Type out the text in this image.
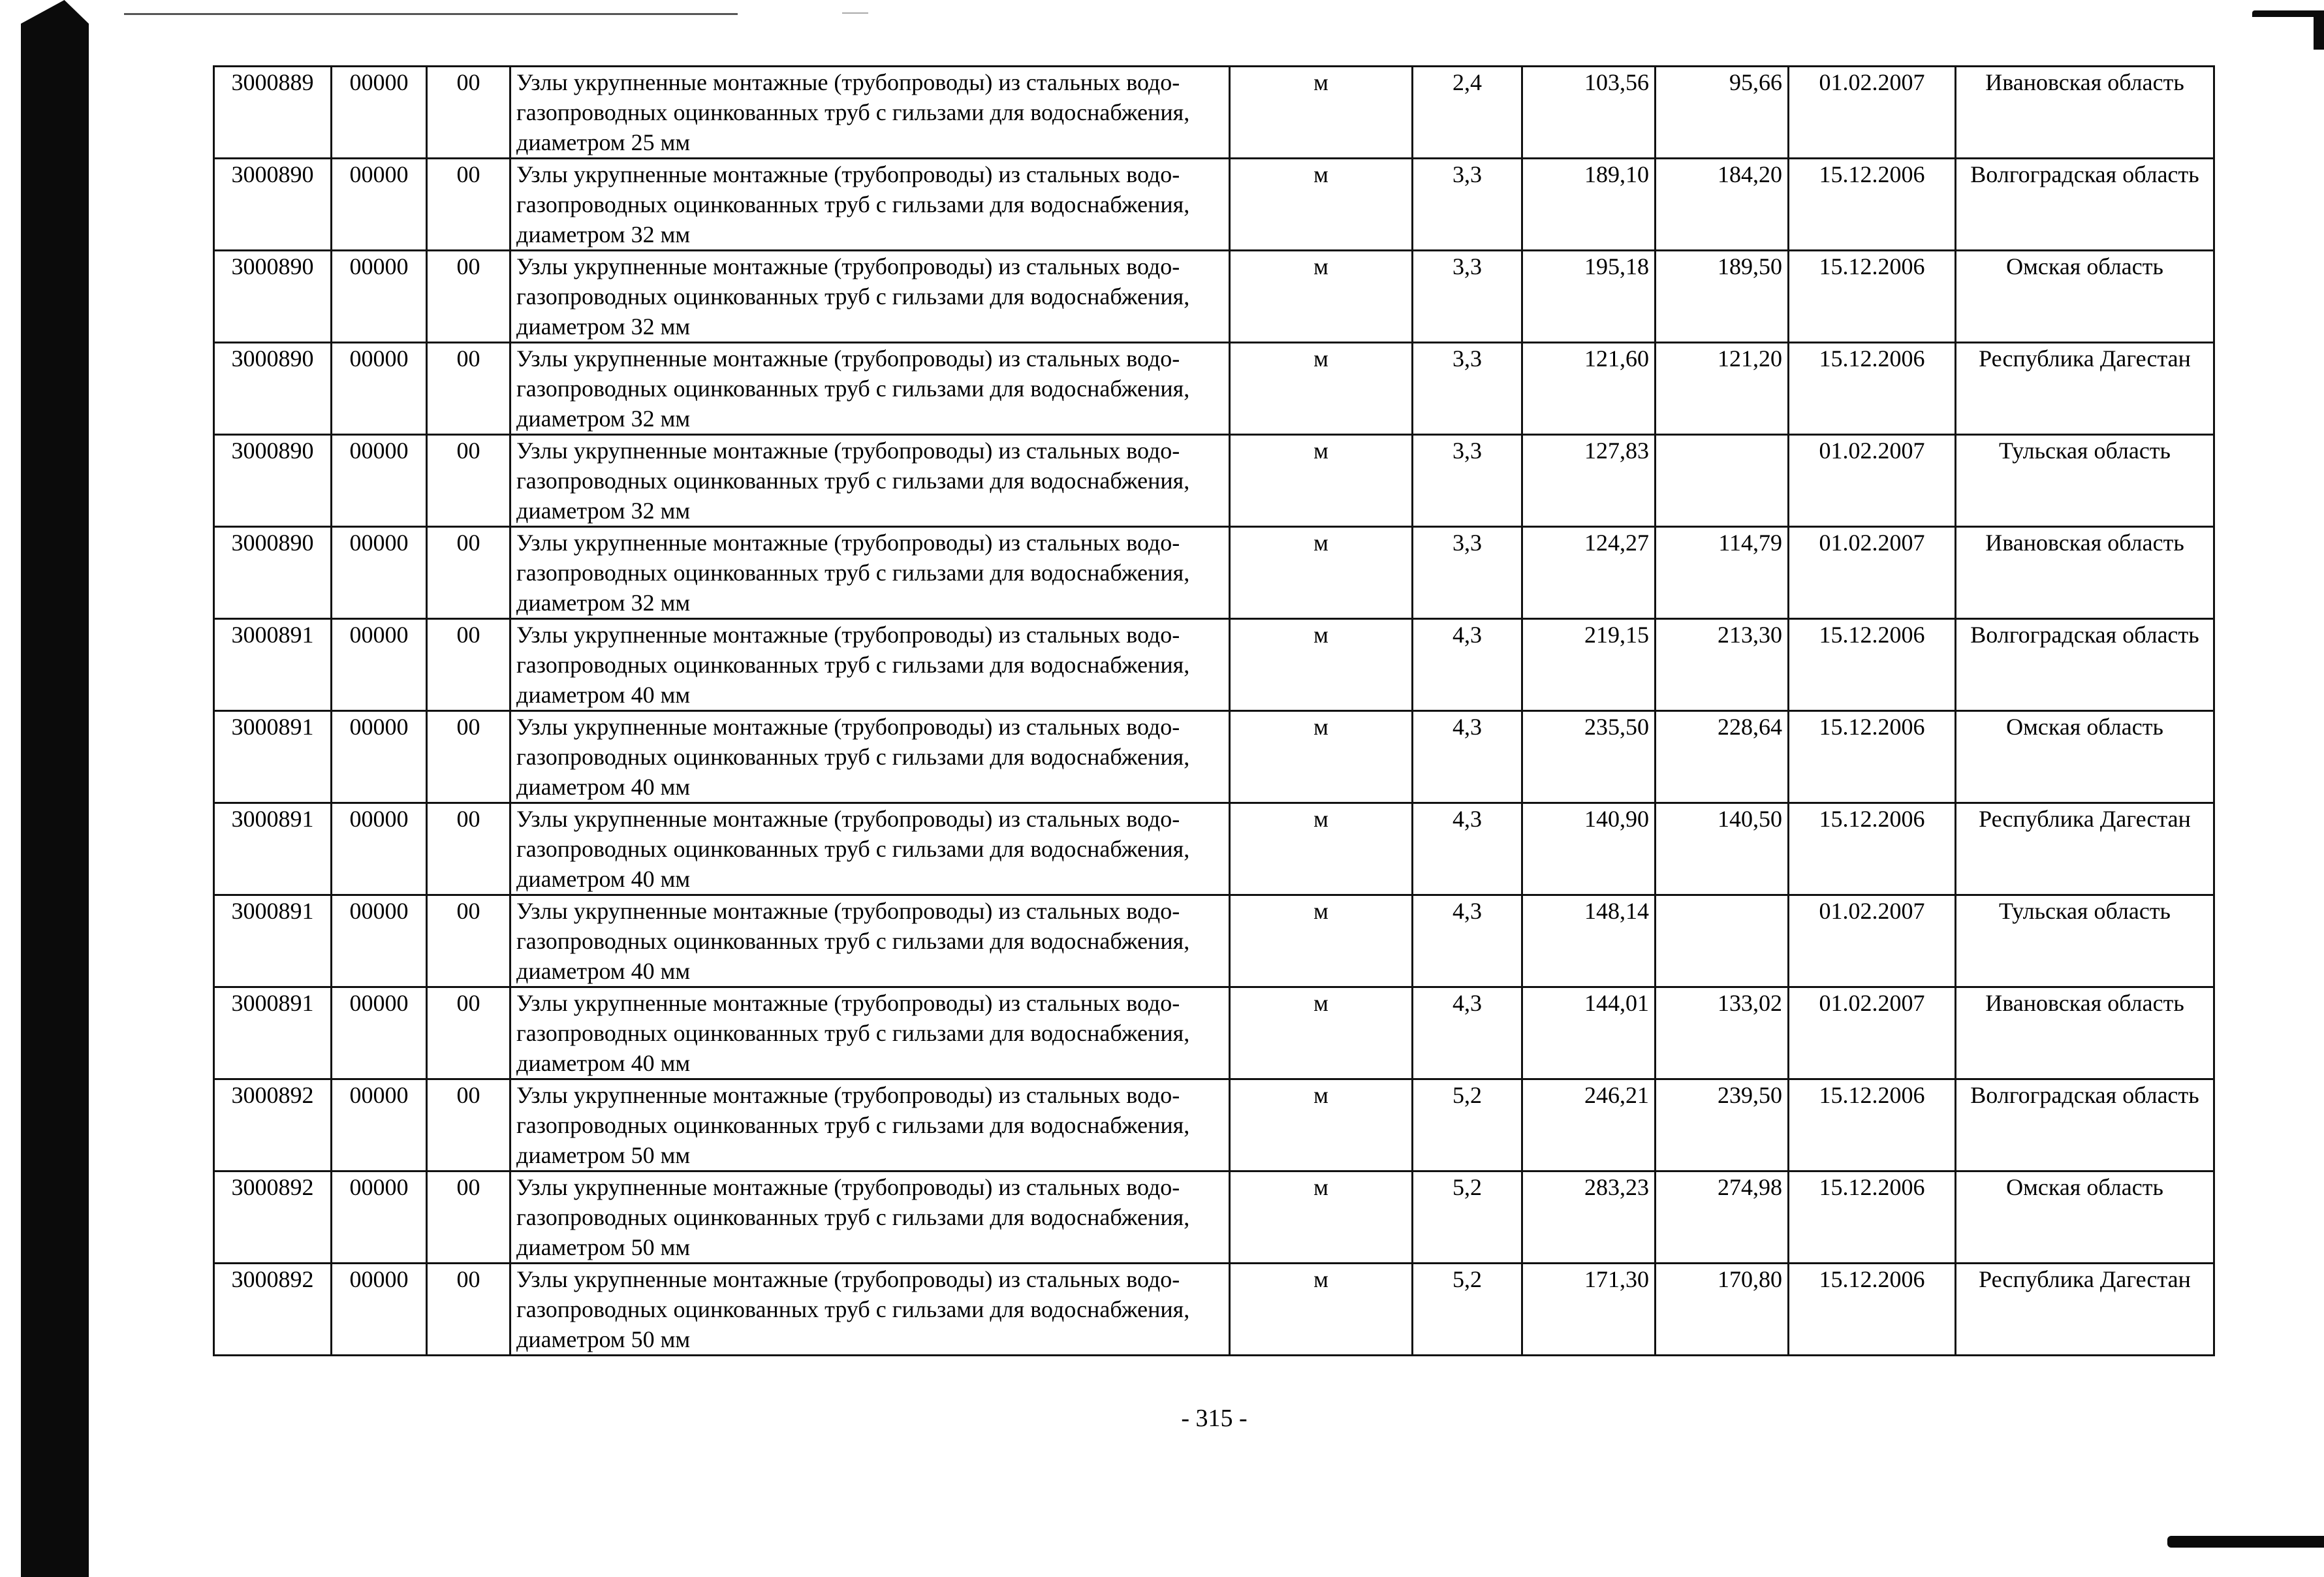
3000889	00000	00	Узлы укрупненные монтажные (трубопроводы) из стальных водо-газопроводных оцинкованных труб с гильзами для водоснабжения, диаметром 25 мм	м	2,4	103,56	95,66	01.02.2007	Ивановская область
3000890	00000	00	Узлы укрупненные монтажные (трубопроводы) из стальных водо-газопроводных оцинкованных труб с гильзами для водоснабжения, диаметром 32 мм	м	3,3	189,10	184,20	15.12.2006	Волгоградская область
3000890	00000	00	Узлы укрупненные монтажные (трубопроводы) из стальных водо-газопроводных оцинкованных труб с гильзами для водоснабжения, диаметром 32 мм	м	3,3	195,18	189,50	15.12.2006	Омская область
3000890	00000	00	Узлы укрупненные монтажные (трубопроводы) из стальных водо-газопроводных оцинкованных труб с гильзами для водоснабжения, диаметром 32 мм	м	3,3	121,60	121,20	15.12.2006	Республика Дагестан
3000890	00000	00	Узлы укрупненные монтажные (трубопроводы) из стальных водо-газопроводных оцинкованных труб с гильзами для водоснабжения, диаметром 32 мм	м	3,3	127,83		01.02.2007	Тульская область
3000890	00000	00	Узлы укрупненные монтажные (трубопроводы) из стальных водо-газопроводных оцинкованных труб с гильзами для водоснабжения, диаметром 32 мм	м	3,3	124,27	114,79	01.02.2007	Ивановская область
3000891	00000	00	Узлы укрупненные монтажные (трубопроводы) из стальных водо-газопроводных оцинкованных труб с гильзами для водоснабжения, диаметром 40 мм	м	4,3	219,15	213,30	15.12.2006	Волгоградская область
3000891	00000	00	Узлы укрупненные монтажные (трубопроводы) из стальных водо-газопроводных оцинкованных труб с гильзами для водоснабжения, диаметром 40 мм	м	4,3	235,50	228,64	15.12.2006	Омская область
3000891	00000	00	Узлы укрупненные монтажные (трубопроводы) из стальных водо-газопроводных оцинкованных труб с гильзами для водоснабжения, диаметром 40 мм	м	4,3	140,90	140,50	15.12.2006	Республика Дагестан
3000891	00000	00	Узлы укрупненные монтажные (трубопроводы) из стальных водо-газопроводных оцинкованных труб с гильзами для водоснабжения, диаметром 40 мм	м	4,3	148,14		01.02.2007	Тульская область
3000891	00000	00	Узлы укрупненные монтажные (трубопроводы) из стальных водо-газопроводных оцинкованных труб с гильзами для водоснабжения, диаметром 40 мм	м	4,3	144,01	133,02	01.02.2007	Ивановская область
3000892	00000	00	Узлы укрупненные монтажные (трубопроводы) из стальных водо-газопроводных оцинкованных труб с гильзами для водоснабжения, диаметром 50 мм	м	5,2	246,21	239,50	15.12.2006	Волгоградская область
3000892	00000	00	Узлы укрупненные монтажные (трубопроводы) из стальных водо-газопроводных оцинкованных труб с гильзами для водоснабжения, диаметром 50 мм	м	5,2	283,23	274,98	15.12.2006	Омская область
3000892	00000	00	Узлы укрупненные монтажные (трубопроводы) из стальных водо-газопроводных оцинкованных труб с гильзами для водоснабжения, диаметром 50 мм	м	5,2	171,30	170,80	15.12.2006	Республика Дагестан
- 315 -
